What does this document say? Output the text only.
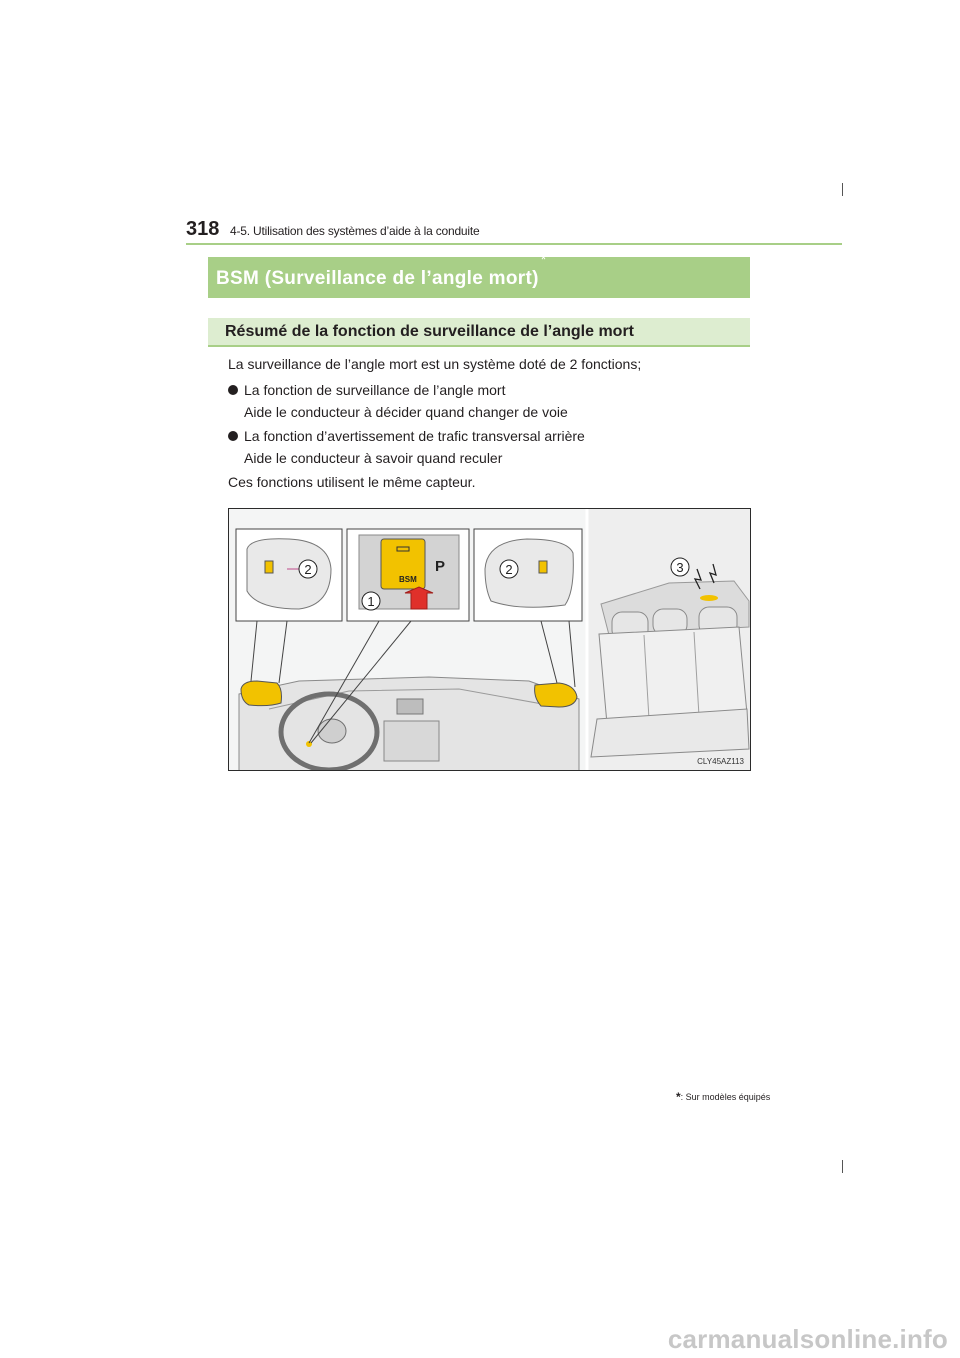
318 4-5. Utilisation des systèmes d’aide à la conduite
BSM (Surveillance de l’angle mort)*
Résumé de la fonction de surveillance de l’angle mort
La surveillance de l’angle mort est un système doté de 2 fonctions;
La fonction de surveillance de l’angle mort
Aide le conducteur à décider quand changer de voie
La fonction d’avertissement de trafic transversal arrière
Aide le conducteur à savoir quand reculer
Ces fonctions utilisent le même capteur.
P
BSM
2	2
1
3
CLY45AZ113
*: Sur modèles équipés
carmanualsonline.info
